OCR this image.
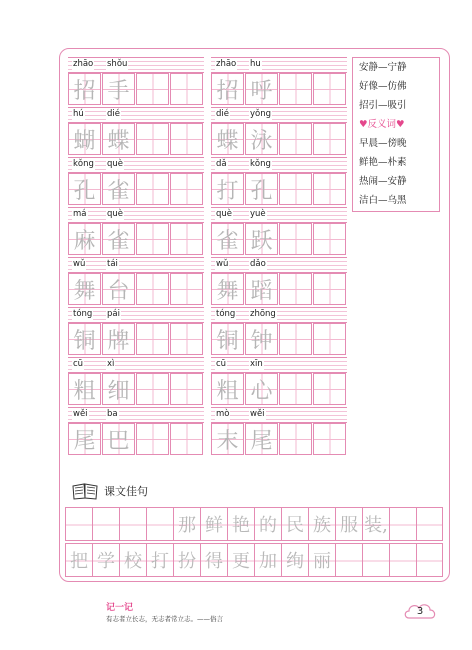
安静—宁静
好像—仿佛
招引—吸引
♥反义词♥
早晨—傍晚
鲜艳—朴素
热闹—安静
洁白—乌黑
课文佳句
那 鲜 艳 的 民 族 服 装,
把 学 校 打 扮 得 更 加 绚 丽
记一记
有志者立长志，无志者常立志。——俗言
3
zhāo shǒu
招 手
zhāo hu
招 呼
hú	dié
蝴 蝶
dié yǒng
蝶 泳
kǒng què
孔 雀
dǎ	kǒng
打 孔
má què
麻 雀
què yuè
雀 跃
wǔ	tái
舞 台
wǔ	dǎo
舞 蹈
tóng pái
铜 牌
tóng zhōng
铜 钟
cū	xì
粗 细
cū	xīn
粗 心
wěi ba
尾 巴
mò wěi
末 尾
